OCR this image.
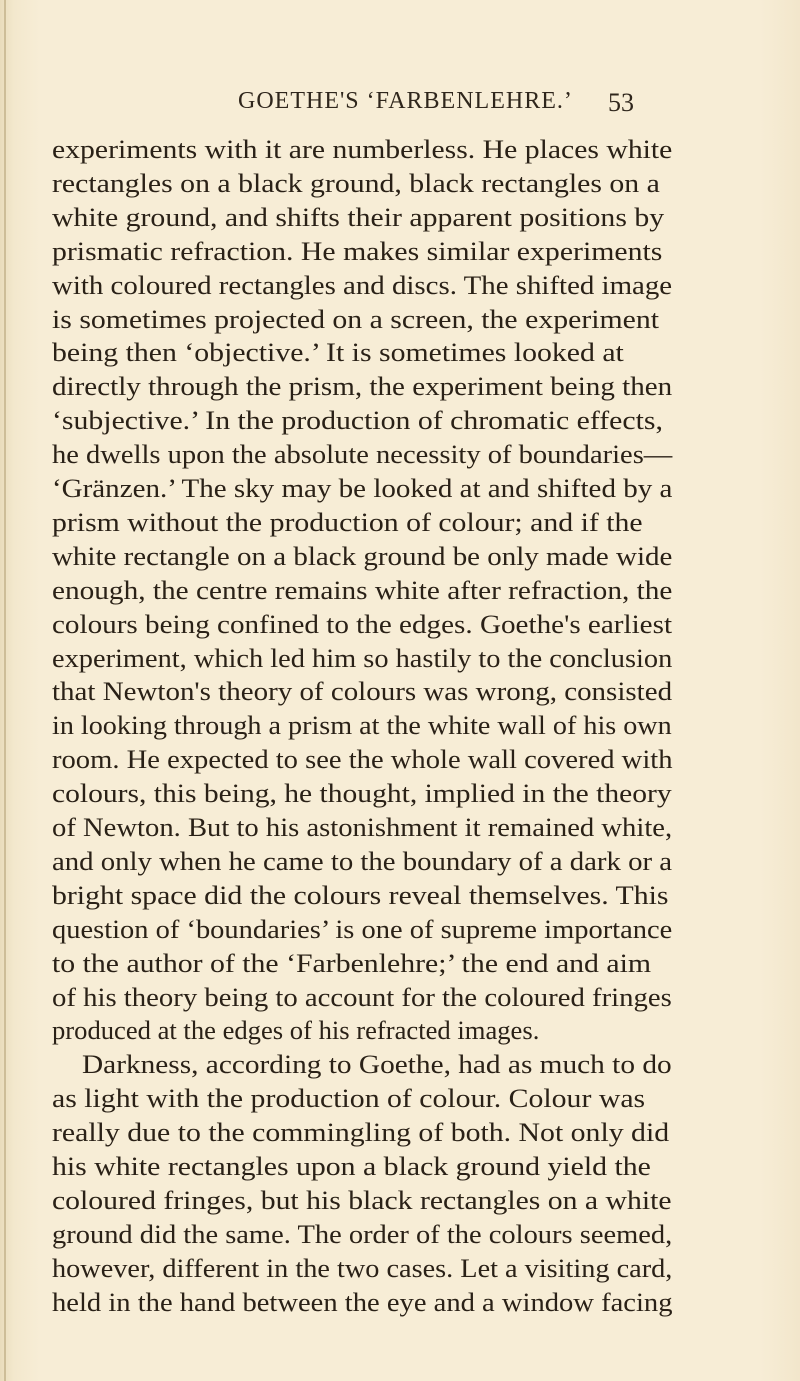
GOETHE'S ‘FARBENLEHRE.’ 53
experiments with it are numberless. He places white
rectangles on a black ground, black rectangles on a
white ground, and shifts their apparent positions by
prismatic refraction. He makes similar experiments
with coloured rectangles and discs. The shifted image
is sometimes projected on a screen, the experiment
being then ‘objective.’ It is sometimes looked at
directly through the prism, the experiment being then
‘subjective.’ In the production of chromatic effects,
he dwells upon the absolute necessity of boundaries—
‘Gränzen.’ The sky may be looked at and shifted by a
prism without the production of colour; and if the
white rectangle on a black ground be only made wide
enough, the centre remains white after refraction, the
colours being confined to the edges. Goethe's earliest
experiment, which led him so hastily to the conclusion
that Newton's theory of colours was wrong, consisted
in looking through a prism at the white wall of his own
room. He expected to see the whole wall covered with
colours, this being, he thought, implied in the theory
of Newton. But to his astonishment it remained white,
and only when he came to the boundary of a dark or a
bright space did the colours reveal themselves. This
question of ‘boundaries’ is one of supreme importance
to the author of the ‘Farbenlehre;’ the end and aim
of his theory being to account for the coloured fringes
produced at the edges of his refracted images.
Darkness, according to Goethe, had as much to do
as light with the production of colour. Colour was
really due to the commingling of both. Not only did
his white rectangles upon a black ground yield the
coloured fringes, but his black rectangles on a white
ground did the same. The order of the colours seemed,
however, different in the two cases. Let a visiting card,
held in the hand between the eye and a window facing
